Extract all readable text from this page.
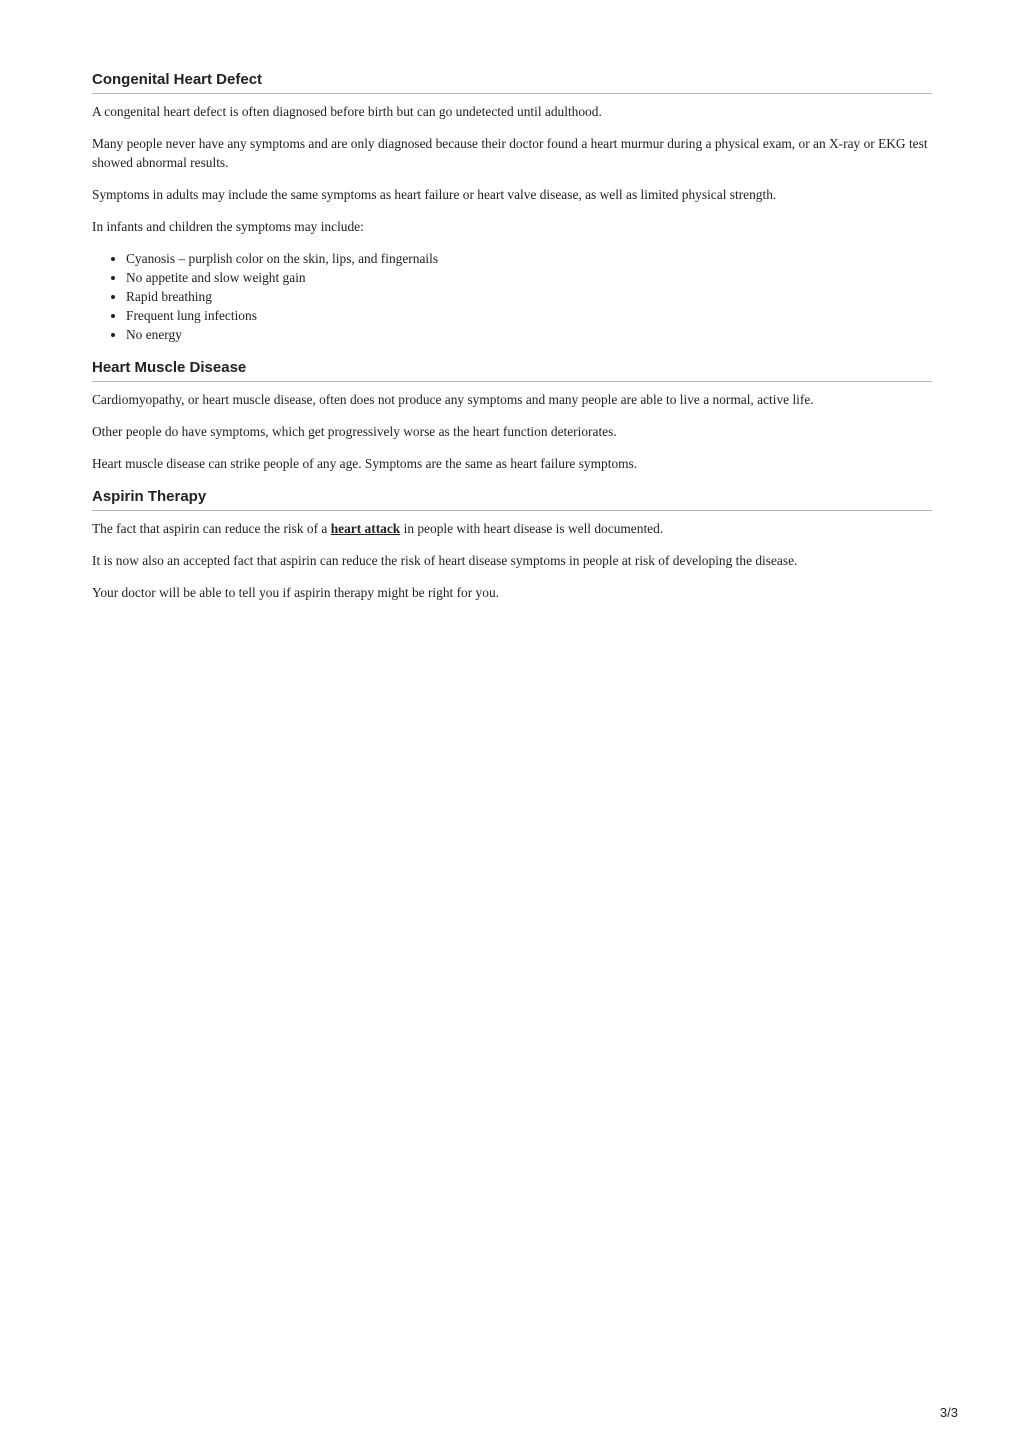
Congenital Heart Defect

A congenital heart defect is often diagnosed before birth but can go undetected until adulthood.

Many people never have any symptoms and are only diagnosed because their doctor found a heart murmur during a physical exam, or an X-ray or EKG test showed abnormal results.

Symptoms in adults may include the same symptoms as heart failure or heart valve disease, as well as limited physical strength.

In infants and children the symptoms may include:

• Cyanosis – purplish color on the skin, lips, and fingernails
• No appetite and slow weight gain
• Rapid breathing
• Frequent lung infections
• No energy
Heart Muscle Disease

Cardiomyopathy, or heart muscle disease, often does not produce any symptoms and many people are able to live a normal, active life.

Other people do have symptoms, which get progressively worse as the heart function deteriorates.

Heart muscle disease can strike people of any age. Symptoms are the same as heart failure symptoms.

Aspirin Therapy

The fact that aspirin can reduce the risk of a heart attack in people with heart disease is well documented.

It is now also an accepted fact that aspirin can reduce the risk of heart disease symptoms in people at risk of developing the disease.

Your doctor will be able to tell you if aspirin therapy might be right for you.

3/3
